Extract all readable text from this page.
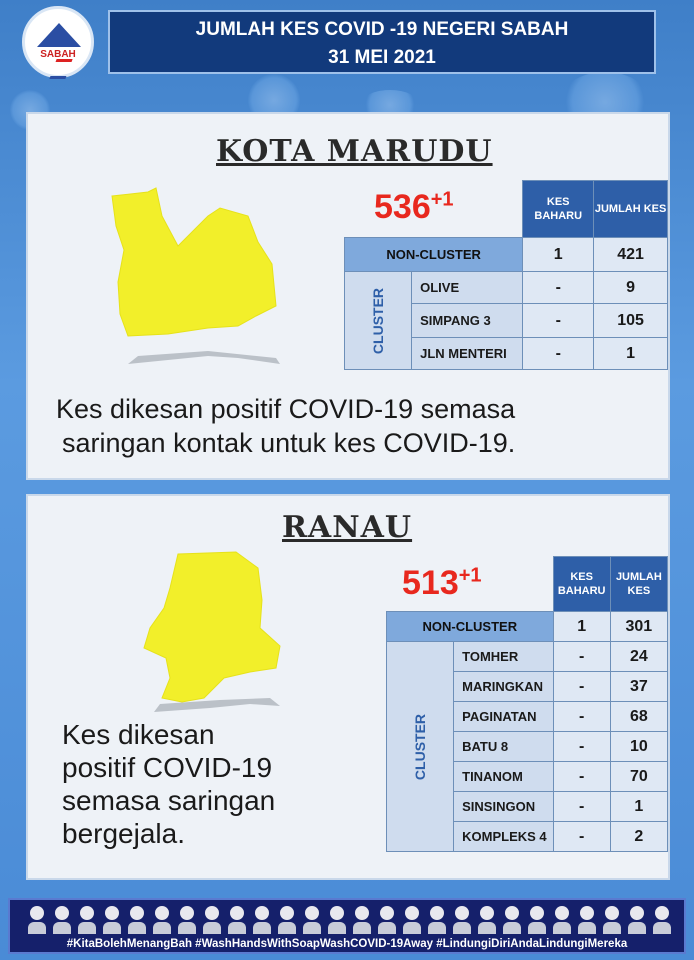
SABAH
JUMLAH KES COVID -19 NEGERI SABAH
31 MEI 2021
KOTA MARUDU
$536^{+1}$
			KES BAHARU	JUMLAH KES
NON-CLUSTER		1	421
CLUSTER	OLIVE	-	9
	SIMPANG 3	-	105
	JLN MENTERI	-	1
Kes dikesan positif COVID-19 semasa
saringan kontak untuk kes COVID-19.
RANAU
$513^{+1}$
			KES BAHARU	JUMLAH KES
NON-CLUSTER		1	301
CLUSTER	TOMHER	-	24
	MARINGKAN	-	37
	PAGINATAN	-	68
	BATU 8	-	10
	TINANOM	-	70
	SINSINGON	-	1
	KOMPLEKS 4	-	2
Kes dikesan
positif COVID-19
semasa saringan
bergejala.
#KitaBolehMenangBah #WashHandsWithSoapWashCOVID-19Away #LindungiDiriAndaLindungiMereka
